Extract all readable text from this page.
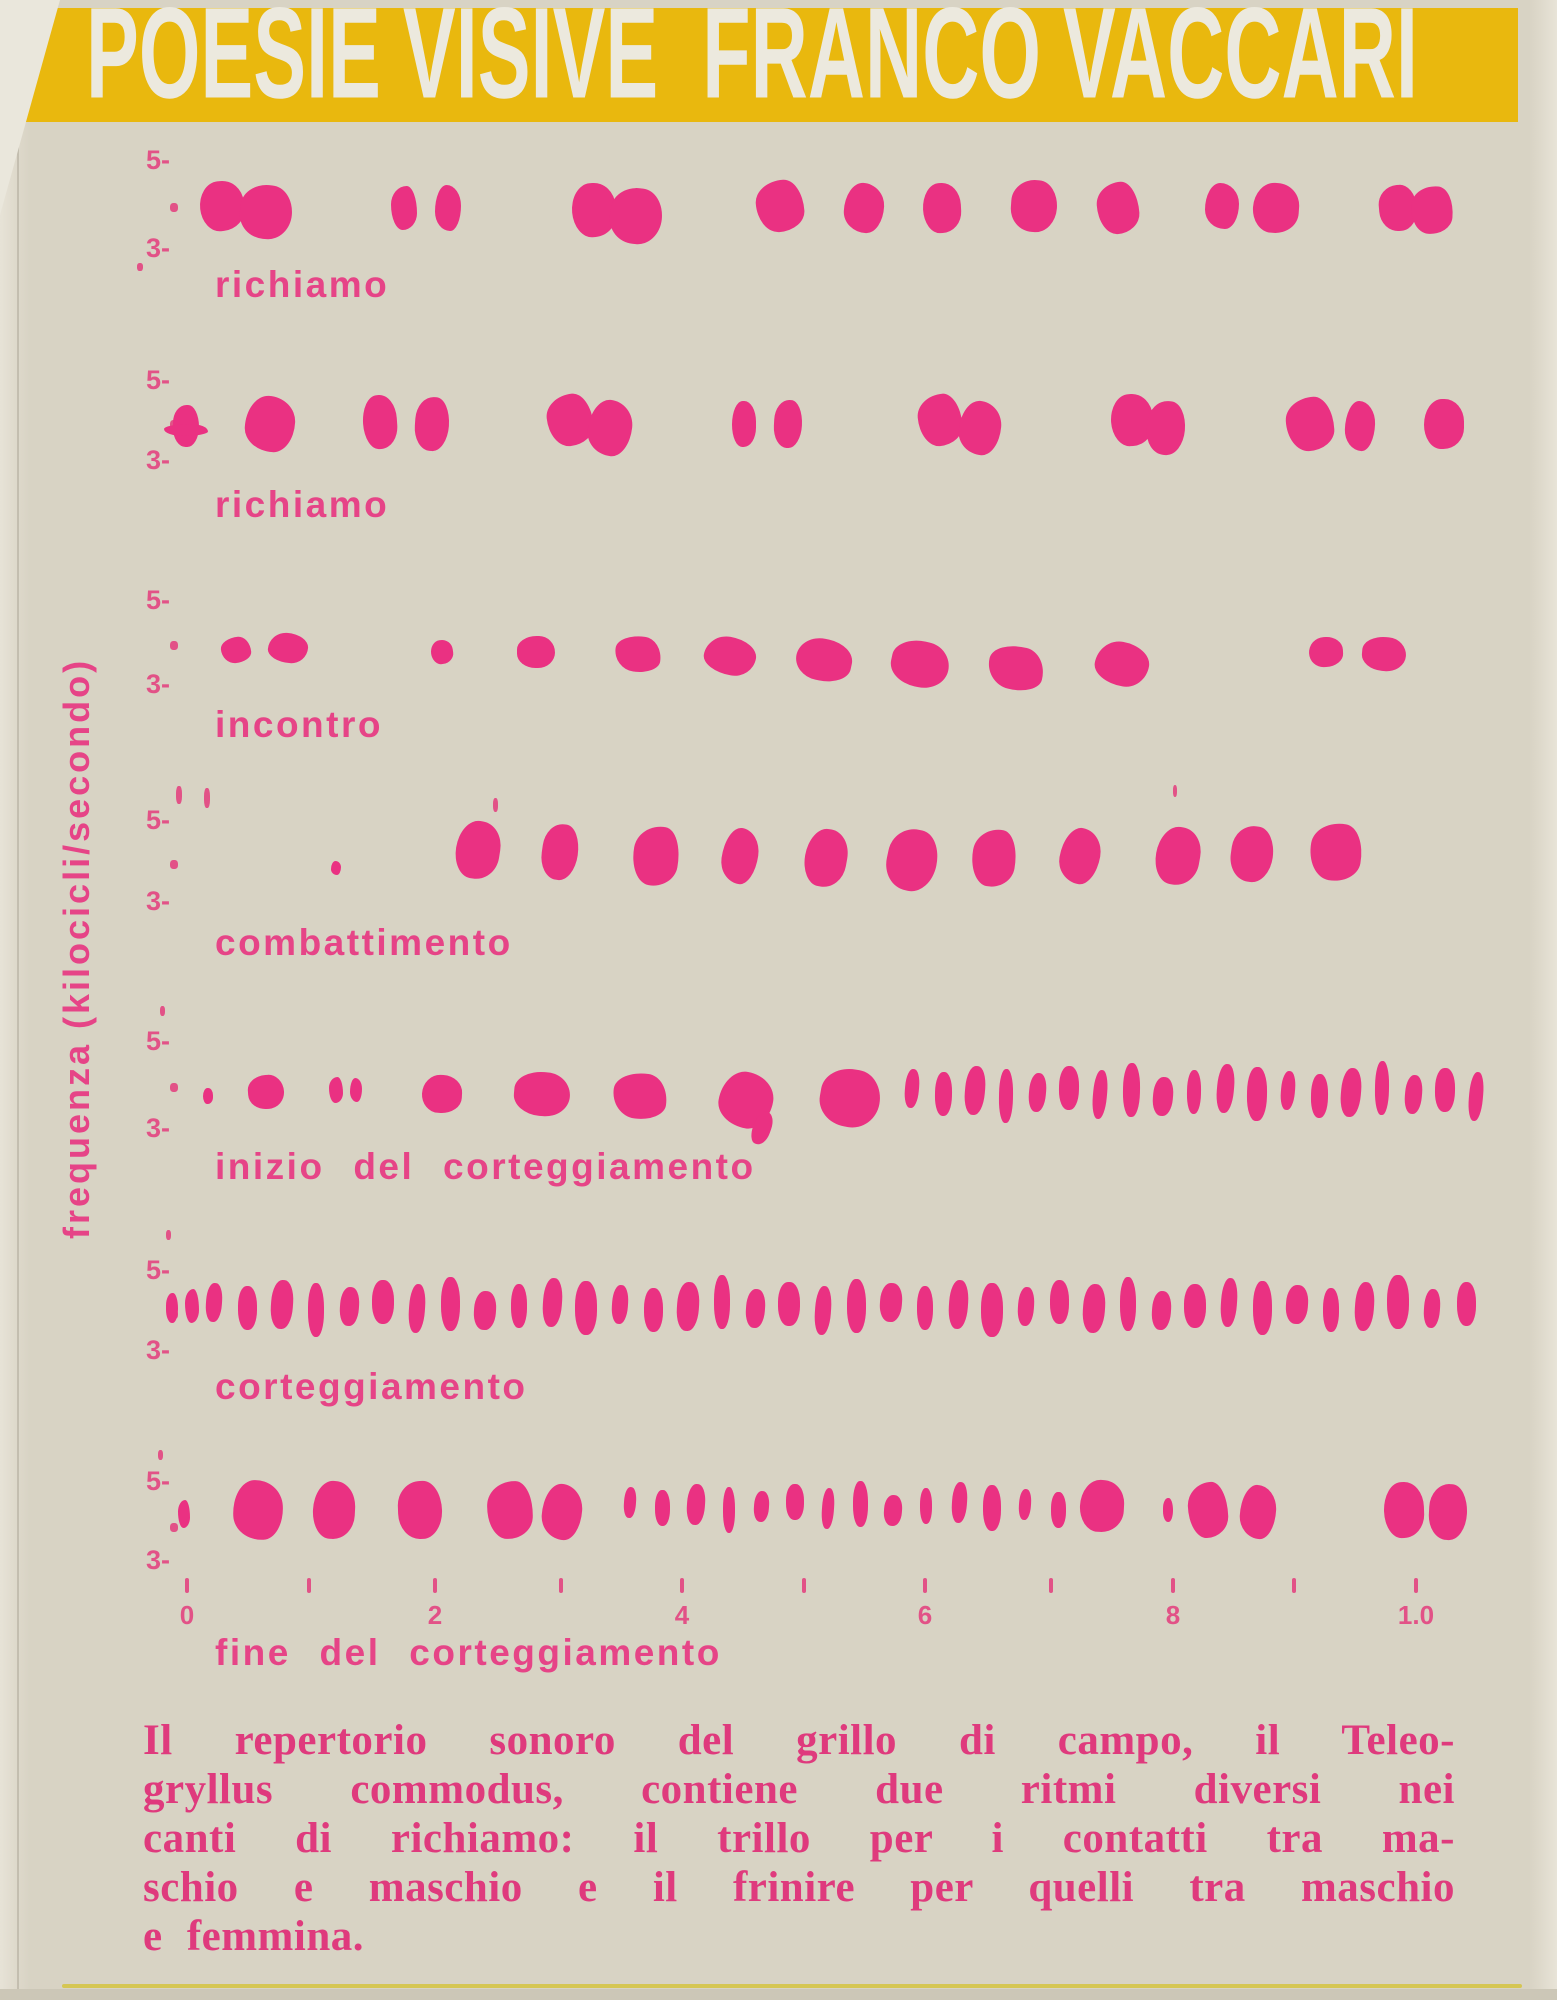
POESIE VISIVE  FRANCO VACCARI
frequenza (kilocicli/secondo)
5-
3-
richiamo
5-
3-
richiamo
5-
3-
incontro
5-
3-
combattimento
5-
3-
inizio del corteggiamento
5-
3-
corteggiamento
5-
3-
fine del corteggiamento
0	2	4	6	8	1.0
Il repertorio sonoro del grillo di campo, il Teleo-
gryllus commodus, contiene due ritmi diversi nei
canti di richiamo: il trillo per i contatti tra ma-
schio e maschio e il frinire per quelli tra maschio
e femmina.
